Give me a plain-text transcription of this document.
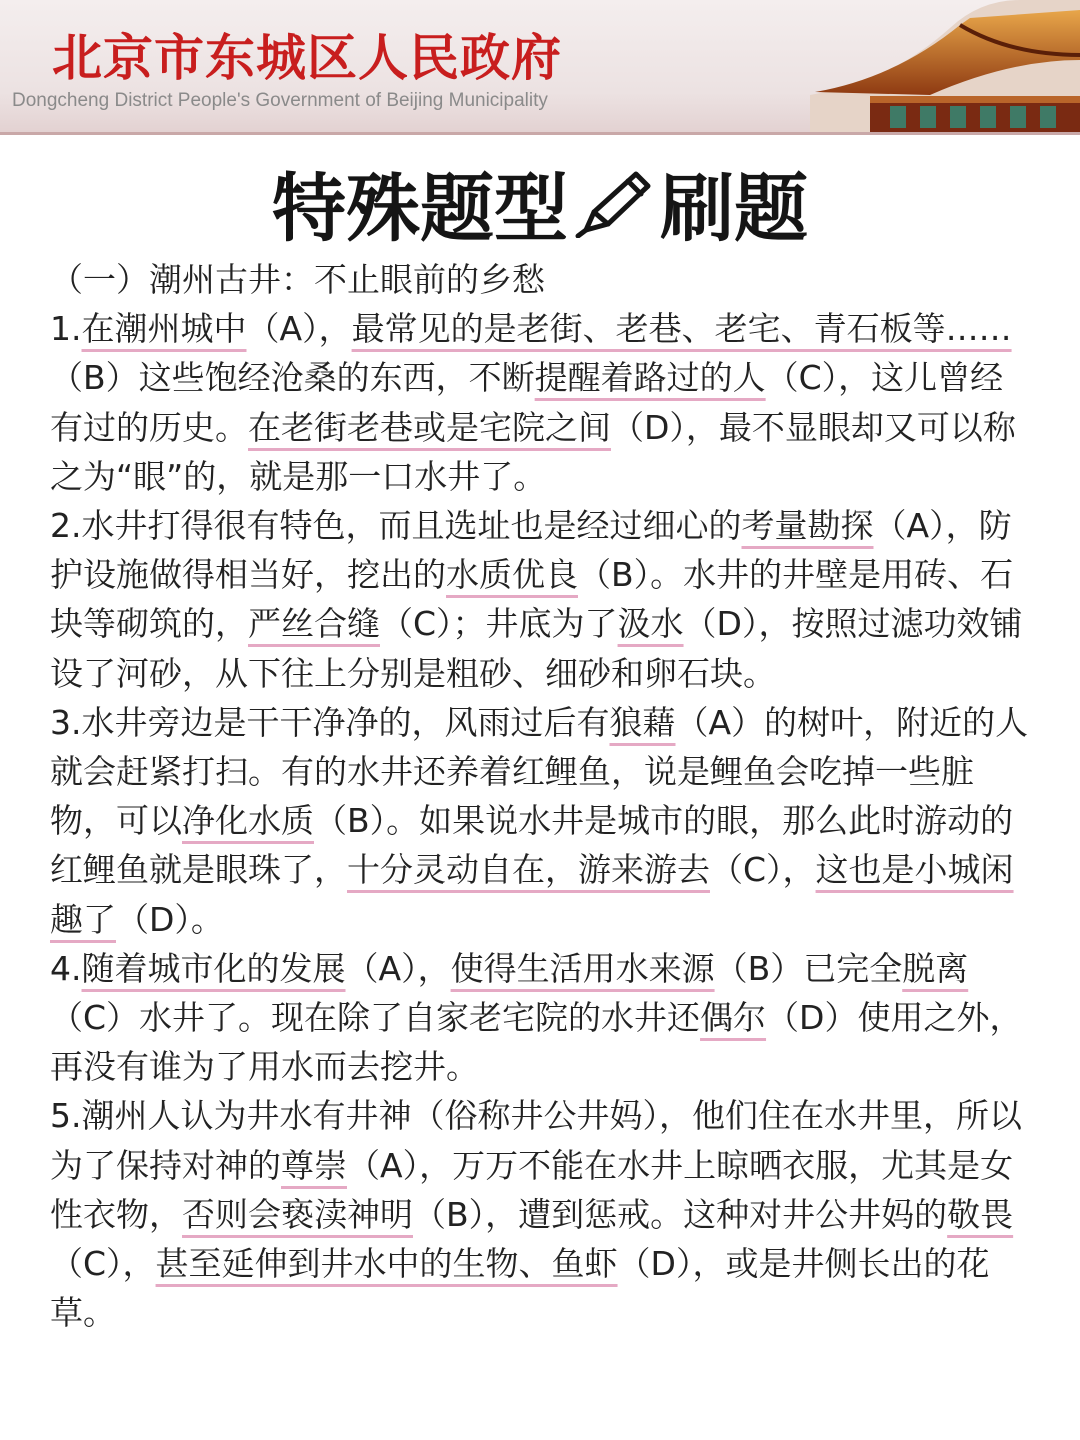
北京市东城区人民政府
Dongcheng District People's Government of Beijing Municipality
特殊题型 刷题

（一）潮州古井：不止眼前的乡愁

1.在潮州城中（A），最常见的是老街、老巷、老宅、青石板等……（B）这些饱经沧桑的东西，不断提醒着路过的人（C），这儿曾经有过的历史。在老街老巷或是宅院之间（D），最不显眼却又可以称之为“眼”的，就是那一口水井了。

2.水井打得很有特色，而且选址也是经过细心的考量勘探（A），防护设施做得相当好，挖出的水质优良（B）。水井的井壁是用砖、石块等砌筑的，严丝合缝（C）；井底为了汲水（D），按照过滤功效铺设了河砂，从下往上分别是粗砂、细砂和卵石块。

3.水井旁边是干干净净的，风雨过后有狼藉（A）的树叶，附近的人就会赶紧打扫。有的水井还养着红鲤鱼，说是鲤鱼会吃掉一些脏物，可以净化水质（B）。如果说水井是城市的眼，那么此时游动的红鲤鱼就是眼珠了，十分灵动自在，游来游去（C），这也是小城闲趣了（D）。

4.随着城市化的发展（A），使得生活用水来源（B）已完全脱离（C）水井了。现在除了自家老宅院的水井还偶尔（D）使用之外，再没有谁为了用水而去挖井。

5.潮州人认为井水有井神（俗称井公井妈），他们住在水井里，所以为了保持对神的尊崇（A），万万不能在水井上晾晒衣服，尤其是女性衣物，否则会亵渎神明（B），遭到惩戒。这种对井公井妈的敬畏（C），甚至延伸到井水中的生物、鱼虾（D），或是井侧长出的花草。
